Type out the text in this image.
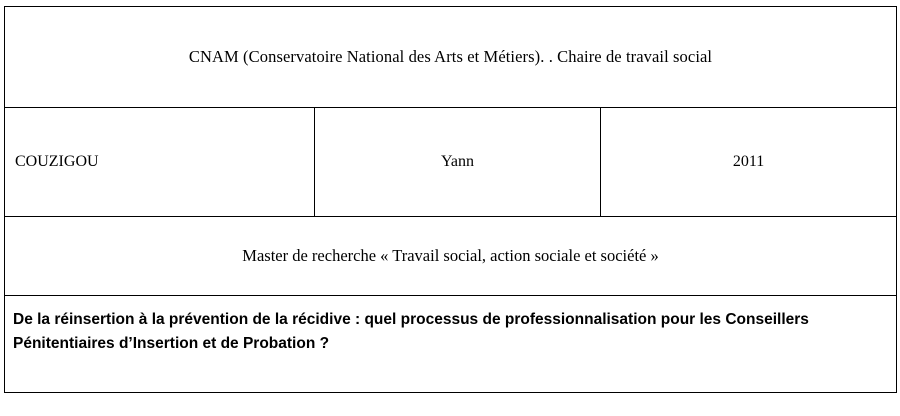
CNAM (Conservatoire National des Arts et Métiers). . Chaire de travail social
COUZIGOU	Yann	2011
Master de recherche « Travail social, action sociale et société »

De la réinsertion à la prévention de la récidive : quel processus de professionnalisation pour les Conseillers Pénitentiaires d’Insertion et de Probation ?
